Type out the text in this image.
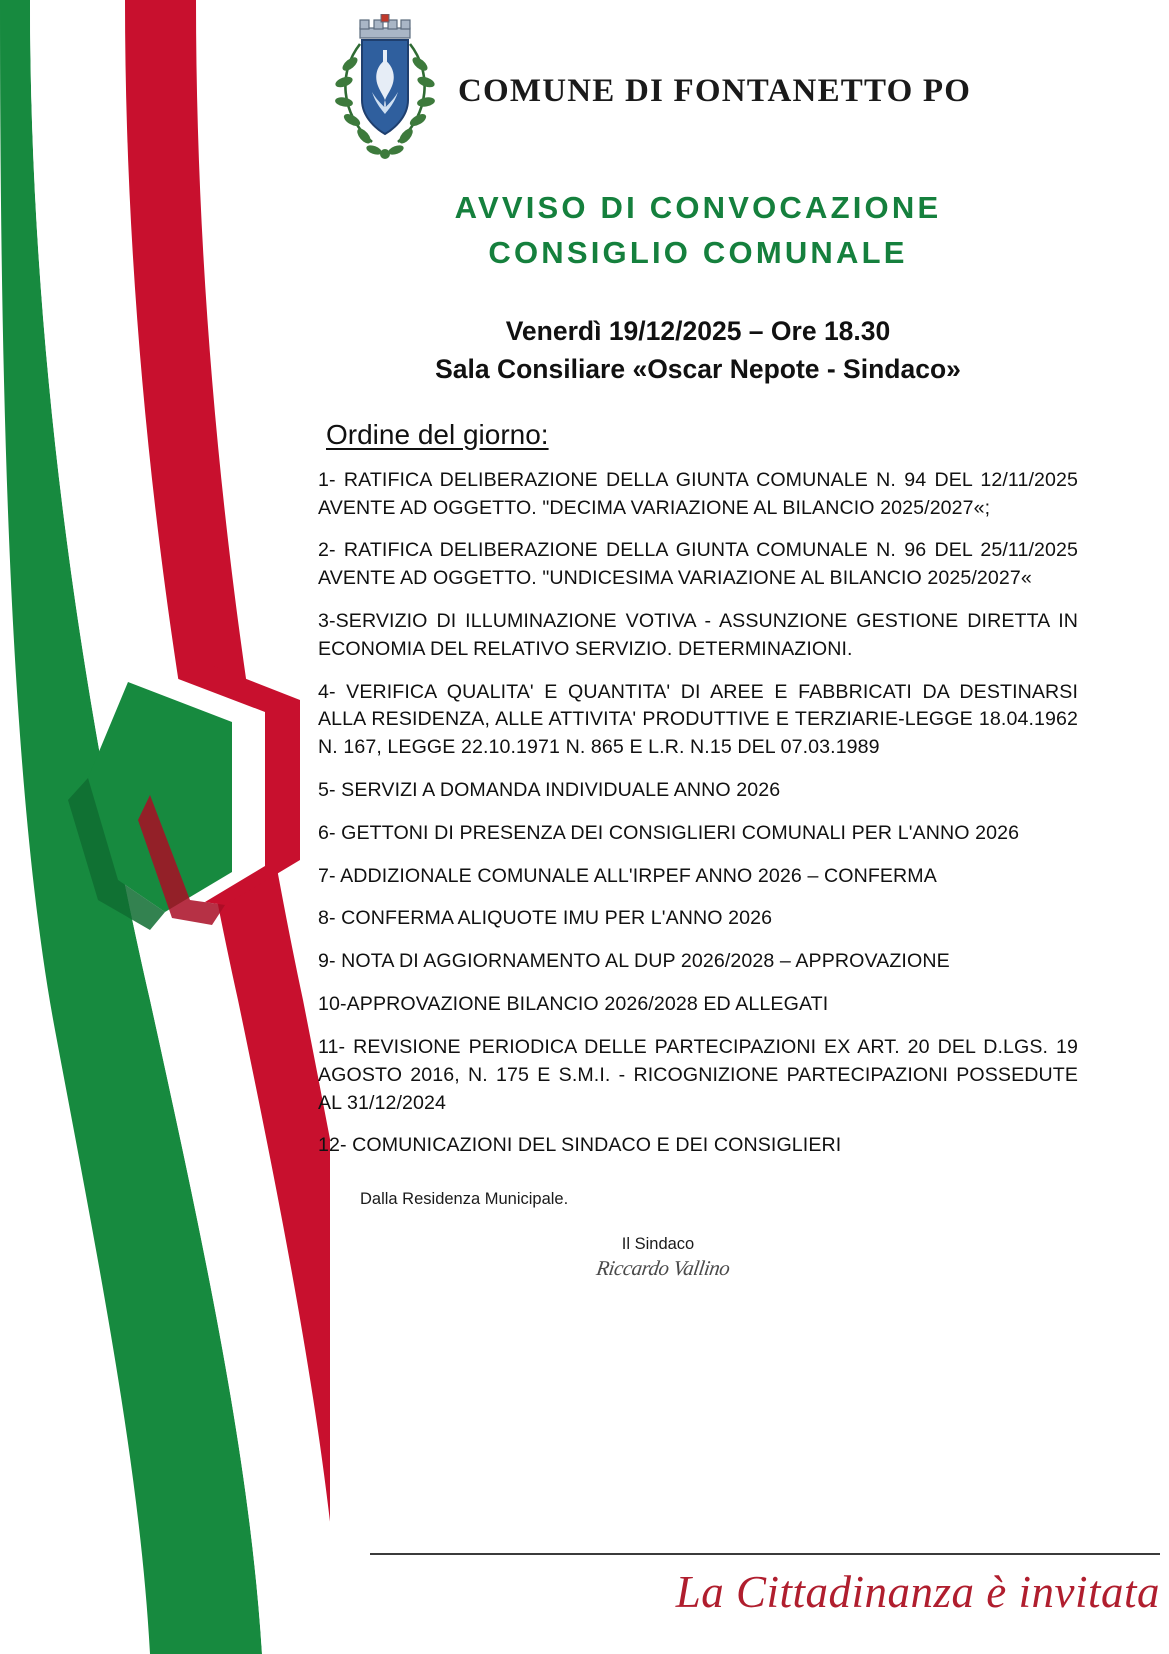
COMUNE DI FONTANETTO PO
AVVISO DI CONVOCAZIONE
CONSIGLIO COMUNALE
Venerdì 19/12/2025 – Ore 18.30
Sala Consiliare «Oscar Nepote - Sindaco»
Ordine del giorno:
1- RATIFICA DELIBERAZIONE DELLA GIUNTA COMUNALE N. 94 DEL 12/11/2025 AVENTE AD OGGETTO. "DECIMA VARIAZIONE AL BILANCIO 2025/2027«;
2- RATIFICA DELIBERAZIONE DELLA GIUNTA COMUNALE N. 96 DEL 25/11/2025 AVENTE AD OGGETTO. "UNDICESIMA VARIAZIONE AL BILANCIO 2025/2027«
3-SERVIZIO DI ILLUMINAZIONE VOTIVA - ASSUNZIONE GESTIONE DIRETTA IN ECONOMIA DEL RELATIVO SERVIZIO. DETERMINAZIONI.
4- VERIFICA QUALITA' E QUANTITA' DI AREE E FABBRICATI DA DESTINARSI ALLA RESIDENZA, ALLE ATTIVITA' PRODUTTIVE E TERZIARIE-LEGGE 18.04.1962 N. 167, LEGGE 22.10.1971 N. 865 E L.R. N.15 DEL 07.03.1989
5- SERVIZI A DOMANDA INDIVIDUALE ANNO 2026
6- GETTONI DI PRESENZA DEI CONSIGLIERI COMUNALI PER L'ANNO 2026
7- ADDIZIONALE COMUNALE ALL'IRPEF ANNO 2026 – CONFERMA
8- CONFERMA ALIQUOTE IMU PER L'ANNO 2026
9- NOTA DI AGGIORNAMENTO AL DUP 2026/2028 – APPROVAZIONE
10-APPROVAZIONE BILANCIO 2026/2028 ED ALLEGATI
11- REVISIONE PERIODICA DELLE PARTECIPAZIONI EX ART. 20 DEL D.LGS. 19 AGOSTO 2016, N. 175 E S.M.I. - RICOGNIZIONE PARTECIPAZIONI POSSEDUTE AL 31/12/2024
12- COMUNICAZIONI DEL SINDACO E DEI CONSIGLIERI
Dalla Residenza Municipale.
Il Sindaco
Riccardo Vallino
La Cittadinanza è invitata
